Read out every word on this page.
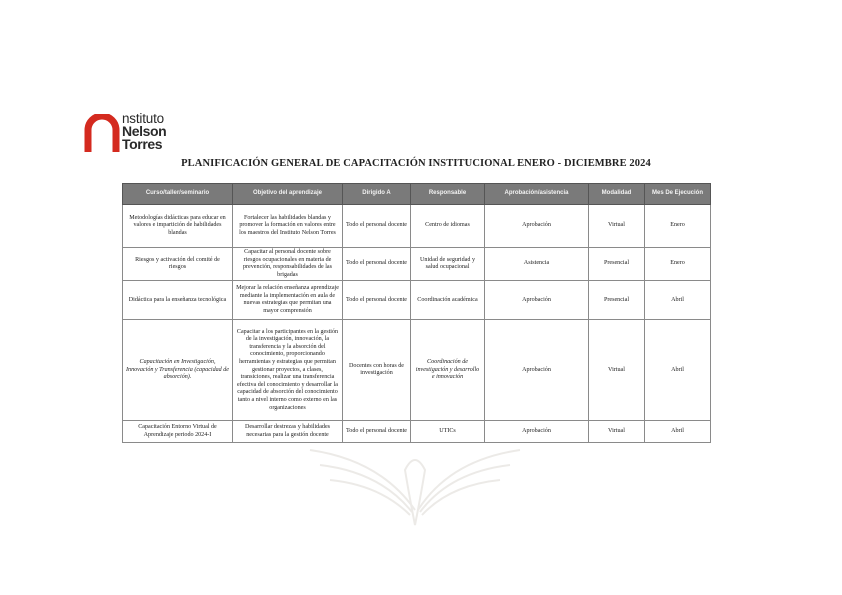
nstituto
Nelson
Torres
PLANIFICACIÓN GENERAL DE CAPACITACIÓN INSTITUCIONAL ENERO - DICIEMBRE 2024
Curso/taller/seminario	Objetivo del aprendizaje	Dirigido A	Responsable	Aprobación/asistencia	Modalidad	Mes De Ejecución
Metodologías didácticas para educar en valores e impartición de habilidades blandas	Fortalecer las habilidades blandas y promover la formación en valores entre los maestros del Instituto Nelson Torres	Todo el personal docente	Centro de idiomas	Aprobación	Virtual	Enero
Riesgos y activación del comité de riesgos	Capacitar al personal docente sobre riesgos ocupacionales en materia de prevención, responsabilidades de las brigadas	Todo el personal docente	Unidad de seguridad y salud ocupacional	Asistencia	Presencial	Enero
Didáctica para la enseñanza tecnológica	Mejorar la relación enseñanza aprendizaje mediante la implementación en aula de nuevas estrategias que permitan una mayor comprensión	Todo el personal docente	Coordinación académica	Aprobación	Presencial	Abril
Capacitación en Investigación, Innovación y Transferencia (capacidad de absorción).	Capacitar a los participantes en la gestión de la investigación, innovación, la transferencia y la absorción del conocimiento, proporcionando herramientas y estrategias que permitan gestionar proyectos, a clases, transiciones, realizar una transferencia efectiva del conocimiento y desarrollar la capacidad de absorción del conocimiento tanto a nivel interno como externo en las organizaciones	Docentes con horas de investigación	Coordinación de investigación y desarrollo e innovación	Aprobación	Virtual	Abril
Capacitación Entorno Virtual de Aprendizaje periodo 2024-I	Desarrollar destrezas y habilidades necesarias para la gestión docente	Todo el personal docente	UTICs	Aprobación	Virtual	Abril
